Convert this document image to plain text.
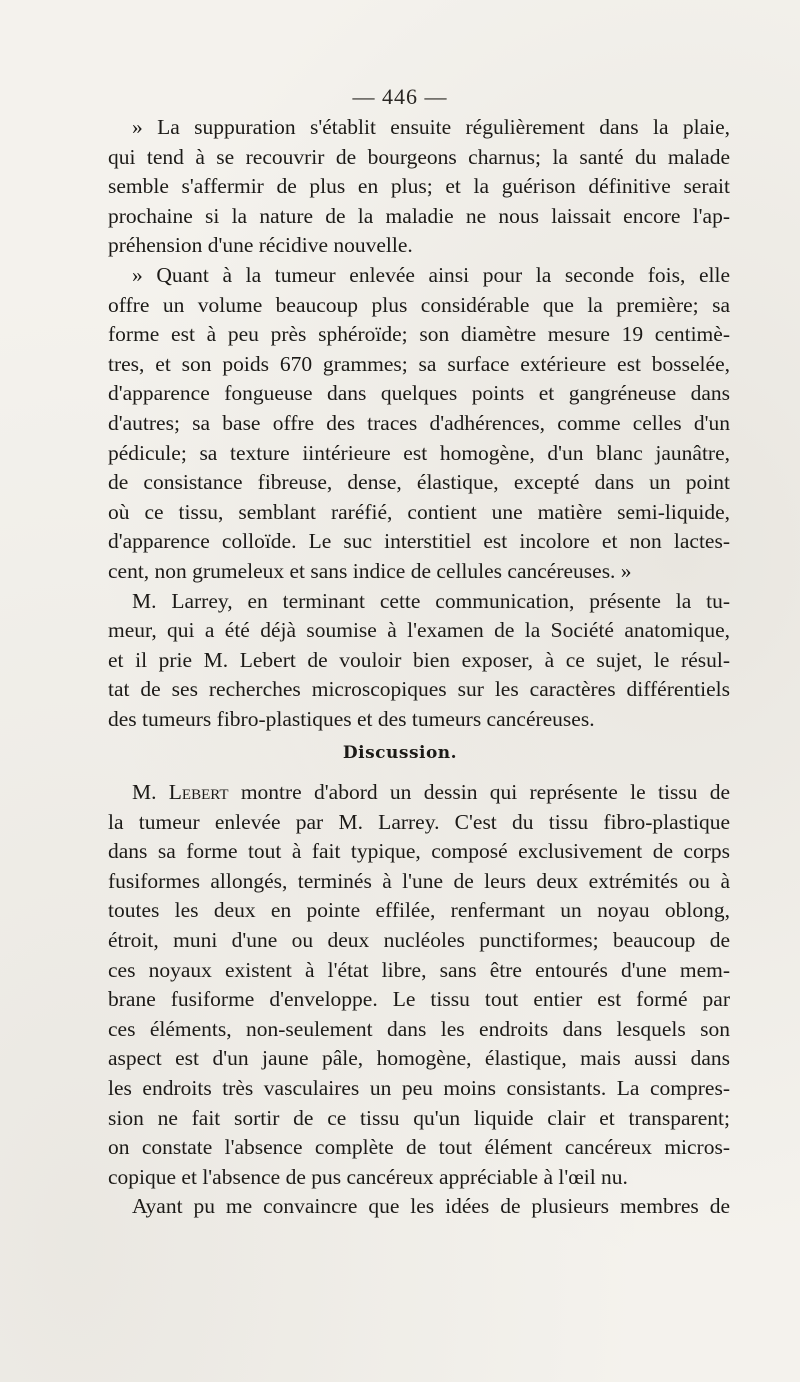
— 446 —
» La suppuration s'établit ensuite régulièrement dans la plaie,
qui tend à se recouvrir de bourgeons charnus; la santé du malade
semble s'affermir de plus en plus; et la guérison définitive serait
prochaine si la nature de la maladie ne nous laissait encore l'ap-
préhension d'une récidive nouvelle.
» Quant à la tumeur enlevée ainsi pour la seconde fois, elle
offre un volume beaucoup plus considérable que la première; sa
forme est à peu près sphéroïde; son diamètre mesure 19 centimè-
tres, et son poids 670 grammes; sa surface extérieure est bosselée,
d'apparence fongueuse dans quelques points et gangréneuse dans
d'autres; sa base offre des traces d'adhérences, comme celles d'un
pédicule; sa texture iintérieure est homogène, d'un blanc jaunâtre,
de consistance fibreuse, dense, élastique, excepté dans un point
où ce tissu, semblant raréfié, contient une matière semi-liquide,
d'apparence colloïde. Le suc interstitiel est incolore et non lactes-
cent, non grumeleux et sans indice de cellules cancéreuses. »
M. Larrey, en terminant cette communication, présente la tu-
meur, qui a été déjà soumise à l'examen de la Société anatomique,
et il prie M. Lebert de vouloir bien exposer, à ce sujet, le résul-
tat de ses recherches microscopiques sur les caractères différentiels
des tumeurs fibro-plastiques et des tumeurs cancéreuses.
Discussion.
M. Lebert montre d'abord un dessin qui représente le tissu de
la tumeur enlevée par M. Larrey. C'est du tissu fibro-plastique
dans sa forme tout à fait typique, composé exclusivement de corps
fusiformes allongés, terminés à l'une de leurs deux extrémités ou à
toutes les deux en pointe effilée, renfermant un noyau oblong,
étroit, muni d'une ou deux nucléoles punctiformes; beaucoup de
ces noyaux existent à l'état libre, sans être entourés d'une mem-
brane fusiforme d'enveloppe. Le tissu tout entier est formé par
ces éléments, non-seulement dans les endroits dans lesquels son
aspect est d'un jaune pâle, homogène, élastique, mais aussi dans
les endroits très vasculaires un peu moins consistants. La compres-
sion ne fait sortir de ce tissu qu'un liquide clair et transparent;
on constate l'absence complète de tout élément cancéreux micros-
copique et l'absence de pus cancéreux appréciable à l'œil nu.
Ayant pu me convaincre que les idées de plusieurs membres de
